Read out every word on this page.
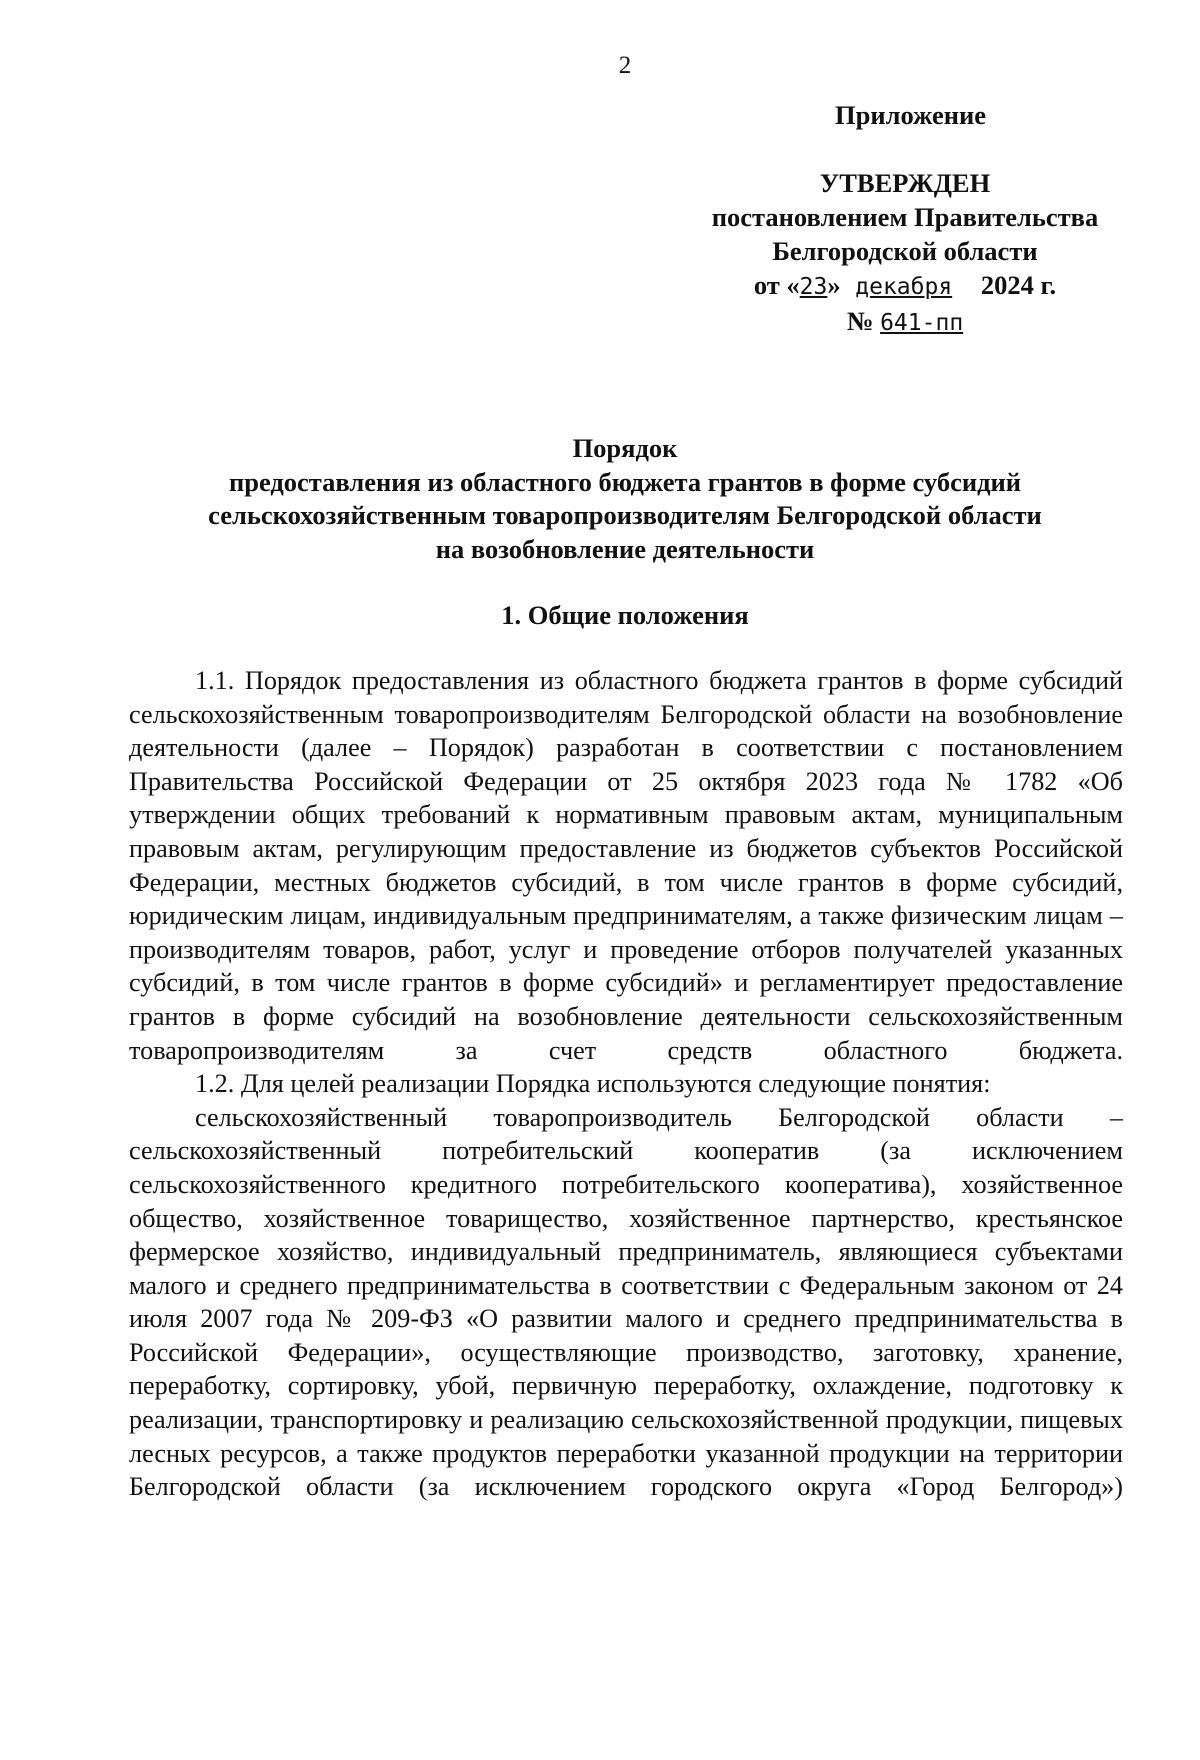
2
Приложение
УТВЕРЖДЕН
постановлением Правительства
Белгородской области
от «23» декабря 2024 г.
№ 641-пп
Порядок
предоставления из областного бюджета грантов в форме субсидий
сельскохозяйственным товаропроизводителям Белгородской области
на возобновление деятельности
1. Общие положения

1.1. Порядок предоставления из областного бюджета грантов в форме субсидий сельскохозяйственным товаропроизводителям Белгородской области на возобновление деятельности (далее – Порядок) разработан в соответствии с постановлением Правительства Российской Федерации от 25 октября 2023 года № 1782 «Об утверждении общих требований к нормативным правовым актам, муниципальным правовым актам, регулирующим предоставление из бюджетов субъектов Российской Федерации, местных бюджетов субсидий, в том числе грантов в форме субсидий, юридическим лицам, индивидуальным предпринимателям, а также физическим лицам – производителям товаров, работ, услуг и проведение отборов получателей указанных субсидий, в том числе грантов в форме субсидий» и регламентирует предоставление грантов в форме субсидий на возобновление деятельности сельскохозяйственным товаропроизводителям за счет средств областного бюджета.

1.2. Для целей реализации Порядка используются следующие понятия:

сельскохозяйственный товаропроизводитель Белгородской области – сельскохозяйственный потребительский кооператив (за исключением сельскохозяйственного кредитного потребительского кооператива), хозяйственное общество, хозяйственное товарищество, хозяйственное партнерство, крестьянское фермерское хозяйство, индивидуальный предприниматель, являющиеся субъектами малого и среднего предпринимательства в соответствии с Федеральным законом от 24 июля 2007 года № 209-ФЗ «О развитии малого и среднего предпринимательства в Российской Федерации», осуществляющие производство, заготовку, хранение, переработку, сортировку, убой, первичную переработку, охлаждение, подготовку к реализации, транспортировку и реализацию сельскохозяйственной продукции, пищевых лесных ресурсов, а также продуктов переработки указанной продукции на территории Белгородской области (за исключением городского округа «Город Белгород»)
